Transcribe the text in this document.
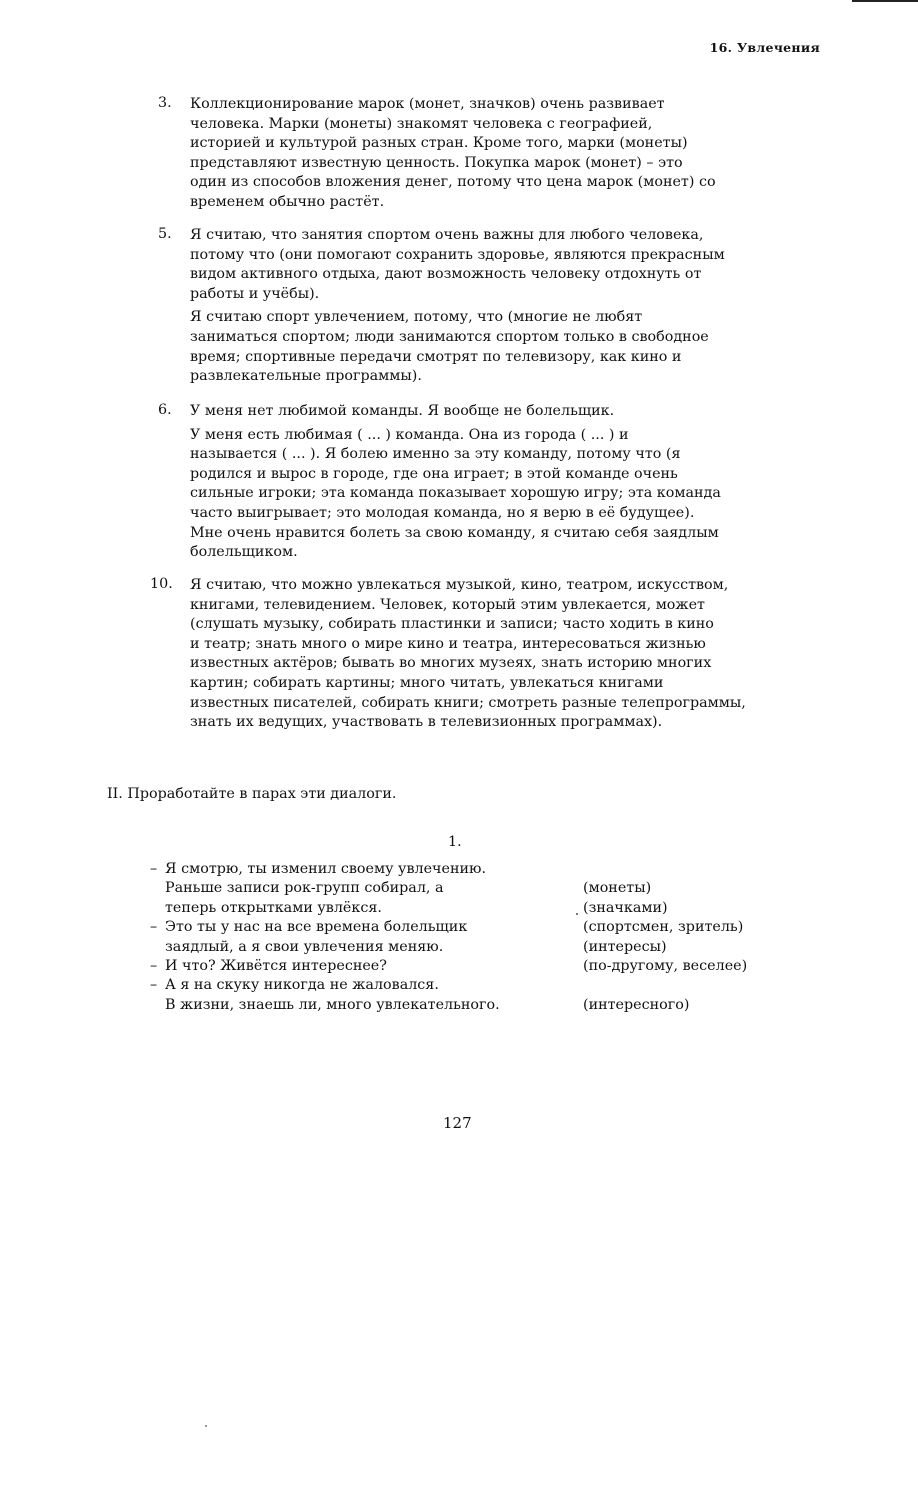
16. Увлечения
3. Коллекционирование марок (монет, значков) очень развивает
человека. Марки (монеты) знакомят человека с географией,
историей и культурой разных стран. Кроме того, марки (монеты)
представляют известную ценность. Покупка марок (монет) – это
один из способов вложения денег, потому что цена марок (монет) со
временем обычно растёт.
5. Я считаю, что занятия спортом очень важны для любого человека,
потому что (они помогают сохранить здоровье, являются прекрасным
видом активного отдыха, дают возможность человеку отдохнуть от
работы и учёбы).
Я считаю спорт увлечением, потому, что (многие не любят
заниматься спортом; люди занимаются спортом только в свободное
время; спортивные передачи смотрят по телевизору, как кино и
развлекательные программы).
6. У меня нет любимой команды. Я вообще не болельщик.
У меня есть любимая ( ... ) команда. Она из города ( ... ) и
называется ( ... ). Я болею именно за эту команду, потому что (я
родился и вырос в городе, где она играет; в этой команде очень
сильные игроки; эта команда показывает хорошую игру; эта команда
часто выигрывает; это молодая команда, но я верю в её будущее).
Мне очень нравится болеть за свою команду, я считаю себя заядлым
болельщиком.
10. Я считаю, что можно увлекаться музыкой, кино, театром, искусством,
книгами, телевидением. Человек, который этим увлекается, может
(слушать музыку, собирать пластинки и записи; часто ходить в кино
и театр; знать много о мире кино и театра, интересоваться жизнью
известных актёров; бывать во многих музеях, знать историю многих
картин; собирать картины; много читать, увлекаться книгами
известных писателей, собирать книги; смотреть разные телепрограммы,
знать их ведущих, участвовать в телевизионных программах).
II. Проработайте в парах эти диалоги.
1.
– Я смотрю, ты изменил своему увлечению.
Раньше записи рок-групп собирал, а	(монеты)
теперь открытками увлёкся.	(значками)
– Это ты у нас на все времена болельщик	(спортсмен, зритель)
заядлый, а я свои увлечения меняю.	(интересы)
– И что? Живётся интереснее?	(по-другому, веселее)
– А я на скуку никогда не жаловался.
В жизни, знаешь ли, много увлекательного.	(интересного)
127
